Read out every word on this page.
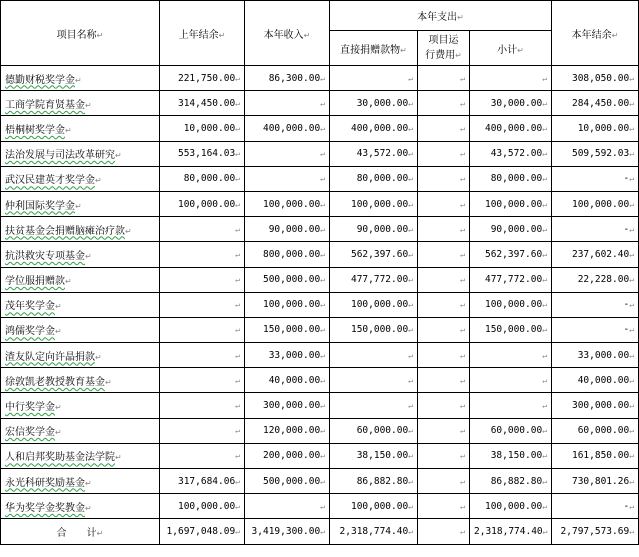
项目名称↵	上年结余↵	本年收入↵	本年支出↵			本年结余↵
			直接捐赠款物↵	项目运
行费用↵	小计↵	
德勤财税奖学金↵	221,750.00↵	86,300.00↵	↵	↵	↵	308,050.00↵
工商学院育贤基金↵	314,450.00↵	↵	30,000.00↵	↵	30,000.00↵	284,450.00↵
梧桐树奖学金↵	10,000.00↵	400,000.00↵	400,000.00↵	↵	400,000.00↵	10,000.00↵
法治发展与司法改革研究↵	553,164.03↵	↵	43,572.00↵	↵	43,572.00↵	509,592.03↵
武汉民建英才奖学金↵	80,000.00↵	↵	80,000.00↵	↵	80,000.00↵	-↵
仲利国际奖学金↵	100,000.00↵	100,000.00↵	100,000.00↵	↵	100,000.00↵	100,000.00↵
扶贫基金会捐赠脑瘫治疗款↵	↵	90,000.00↵	90,000.00↵	↵	90,000.00↵	-↵
抗洪救灾专项基金↵	↵	800,000.00↵	562,397.60↵	↵	562,397.60↵	237,602.40↵
学位服捐赠款↵	↵	500,000.00↵	477,772.00↵	↵	477,772.00↵	22,228.00↵
茂年奖学金↵	↵	100,000.00↵	100,000.00↵	↵	100,000.00↵	-↵
鸿儒奖学金↵	↵	150,000.00↵	150,000.00↵	↵	150,000.00↵	-↵
渣友队定向许晶捐款↵	↵	33,000.00↵	↵	↵	↵	33,000.00↵
徐敦凯老教授教育基金↵	↵	40,000.00↵	↵	↵	↵	40,000.00↵
中行奖学金↵	↵	300,000.00↵	↵	↵	↵	300,000.00↵
宏信奖学金↵	↵	120,000.00↵	60,000.00↵	↵	60,000.00↵	60,000.00↵
人和启邦奖助基金法学院↵	↵	200,000.00↵	38,150.00↵	↵	38,150.00↵	161,850.00↵
永光科研奖励基金↵	317,684.06↵	500,000.00↵	86,882.80↵	↵	86,882.80↵	730,801.26↵
华为奖学金奖教金↵	100,000.00↵	↵	100,000.00↵	↵	100,000.00↵	-↵
合　　计↵	1,697,048.09↵	3,419,300.00↵	2,318,774.40↵	↵	2,318,774.40↵	2,797,573.69↵
